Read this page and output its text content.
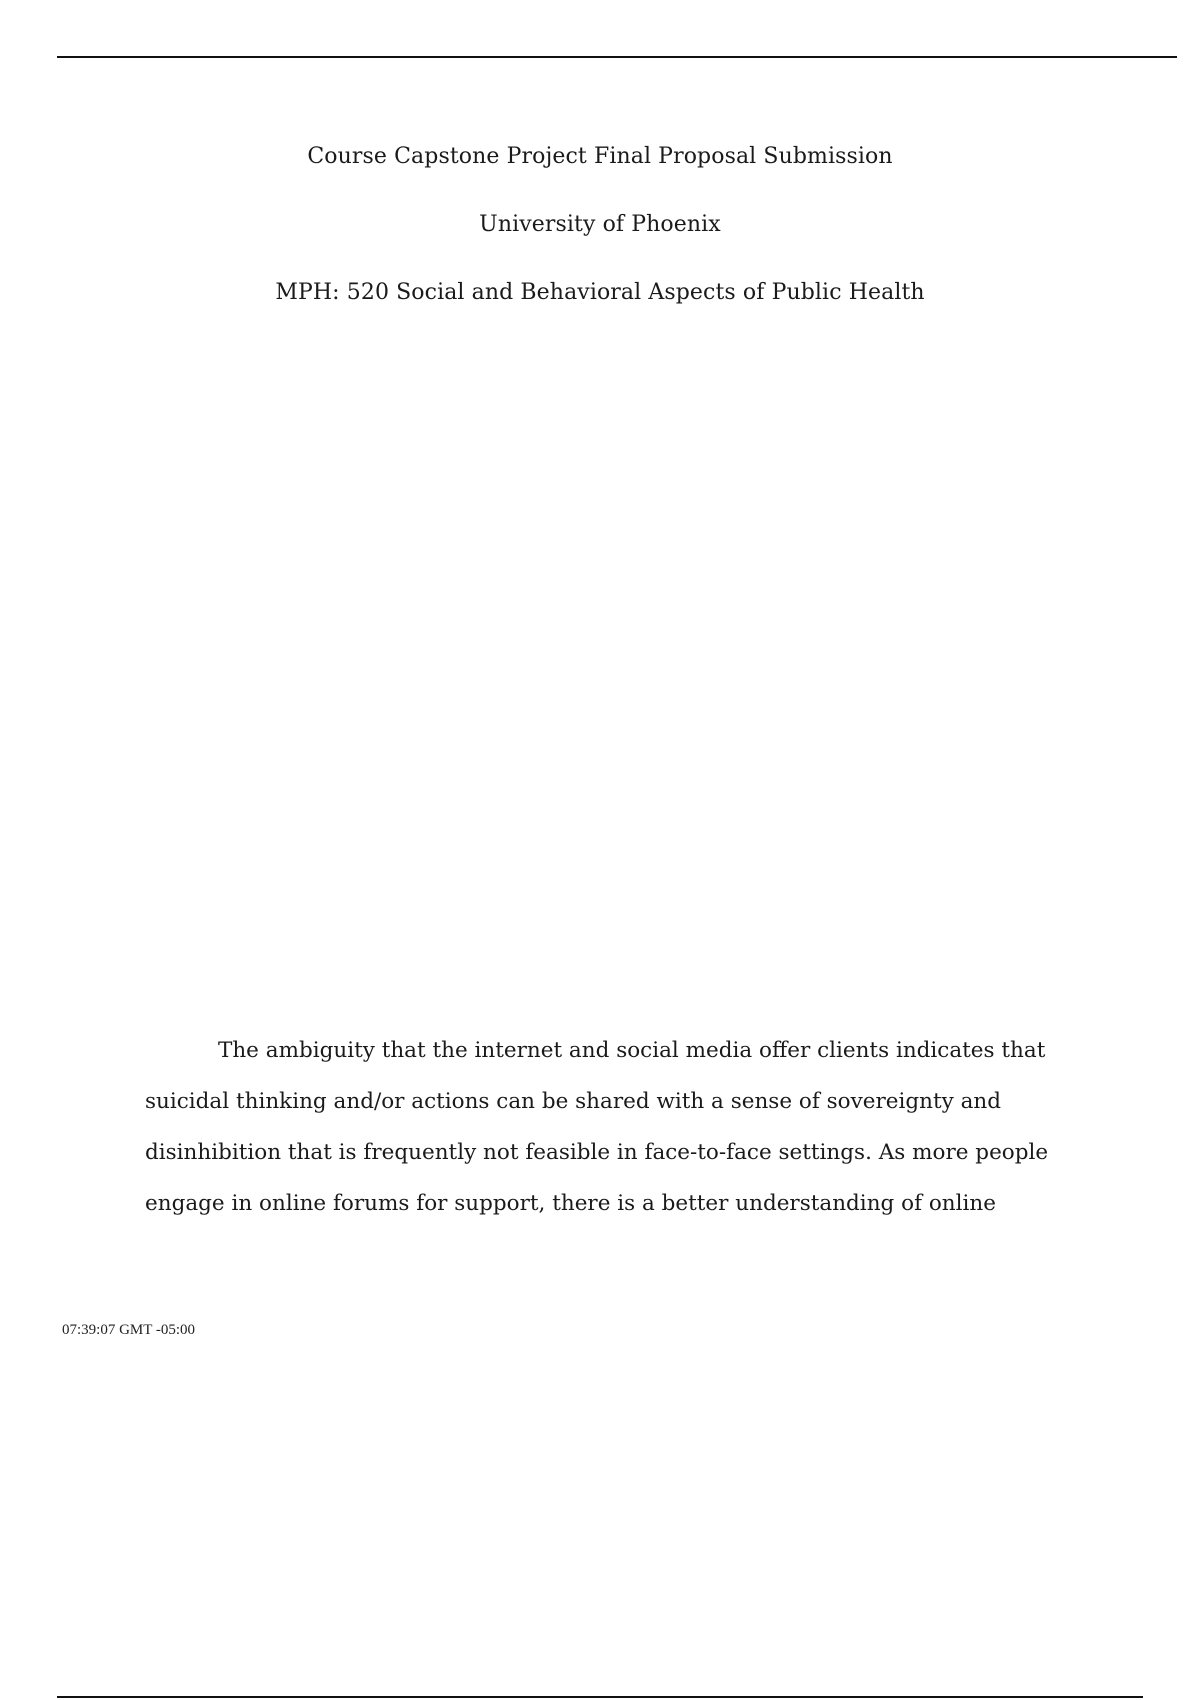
Course Capstone Project Final Proposal Submission
University of Phoenix
MPH: 520 Social and Behavioral Aspects of Public Health
The ambiguity that the internet and social media offer clients indicates that
suicidal thinking and/or actions can be shared with a sense of sovereignty and
disinhibition that is frequently not feasible in face-to-face settings. As more people
engage in online forums for support, there is a better understanding of online
07:39:07 GMT -05:00
